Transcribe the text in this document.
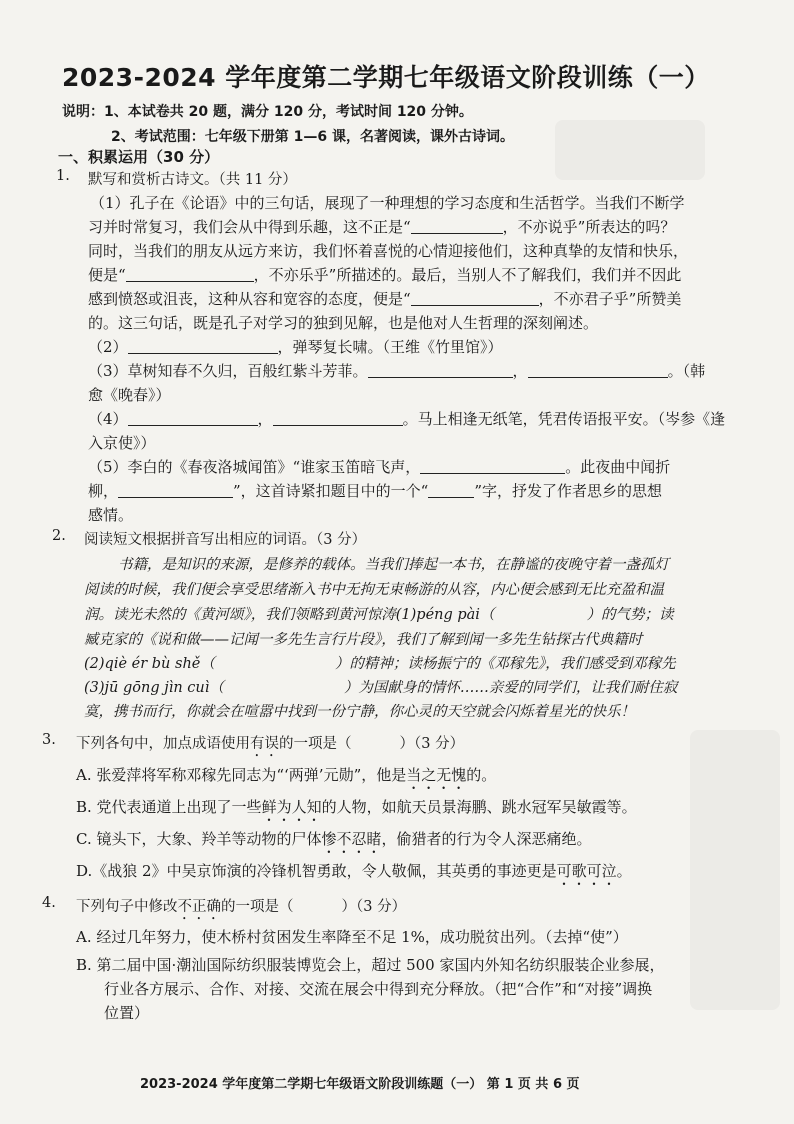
2023-2024 学年度第二学期七年级语文阶段训练（一）
说明：1、本试卷共 20 题，满分 120 分，考试时间 120 分钟。
2、考试范围：七年级下册第 1—6 课，名著阅读，课外古诗词。
一、积累运用（30 分）
1. 默写和赏析古诗文。（共 11 分）
（1）孔子在《论语》中的三句话，展现了一种理想的学习态度和生活哲学。当我们不断学
习并时常复习，我们会从中得到乐趣，这不正是“	，不亦说乎”所表达的吗？
同时，当我们的朋友从远方来访，我们怀着喜悦的心情迎接他们，这种真挚的友情和快乐，
便是“	，不亦乐乎”所描述的。最后，当别人不了解我们，我们并不因此
感到愤怒或沮丧，这种从容和宽容的态度，便是“	，不亦君子乎”所赞美
的。这三句话，既是孔子对学习的独到见解，也是他对人生哲理的深刻阐述。
（2）	，弹琴复长啸。（王维《竹里馆》）
（3）草树知春不久归，百般红紫斗芳菲。	，	。（韩
愈《晚春》）
（4）	，	。马上相逢无纸笔，凭君传语报平安。（岑参《逢
入京使》）
（5）李白的《春夜洛城闻笛》“谁家玉笛暗飞声，	。此夜曲中闻折
柳，	”，这首诗紧扣题目中的一个“	”字，抒发了作者思乡的思想
感情。
2. 阅读短文根据拼音写出相应的词语。（3 分）
书籍，是知识的来源，是修养的载体。当我们捧起一本书，在静谧的夜晚守着一盏孤灯
阅读的时候，我们便会享受思绪渐入书中无拘无束畅游的从容，内心便会感到无比充盈和温
润。读光未然的《黄河颂》，我们领略到黄河惊涛(1)péng pài（	）的气势；读
臧克家的《说和做——记闻一多先生言行片段》，我们了解到闻一多先生钻探古代典籍时
(2)qiè ér bù shě（	）的精神；读杨振宁的《邓稼先》，我们感受到邓稼先
(3)jū gōng jìn cuì（	）为国献身的情怀……亲爱的同学们，让我们耐住寂
寞，携书而行，你就会在喧嚣中找到一份宁静，你心灵的天空就会闪烁着星光的快乐！
3. 下列各句中，加点成语使用有误的一项是（	）（3 分）
A. 张爱萍将军称邓稼先同志为“‘两弹’元勋”，他是当之无愧的。
B. 党代表通道上出现了一些鲜为人知的人物，如航天员景海鹏、跳水冠军吴敏霞等。
C. 镜头下，大象、羚羊等动物的尸体惨不忍睹，偷猎者的行为令人深恶痛绝。
D.《战狼 2》中吴京饰演的冷锋机智勇敢，令人敬佩，其英勇的事迹更是可歌可泣。
4. 下列句子中修改不正确的一项是（	）（3 分）
A. 经过几年努力，使木桥村贫困发生率降至不足 1%，成功脱贫出列。（去掉“使”）
B. 第二届中国·潮汕国际纺织服装博览会上，超过 500 家国内外知名纺织服装企业参展，
行业各方展示、合作、对接、交流在展会中得到充分释放。（把“合作”和“对接”调换
位置）
2023-2024 学年度第二学期七年级语文阶段训练题（一） 第 1 页 共 6 页
